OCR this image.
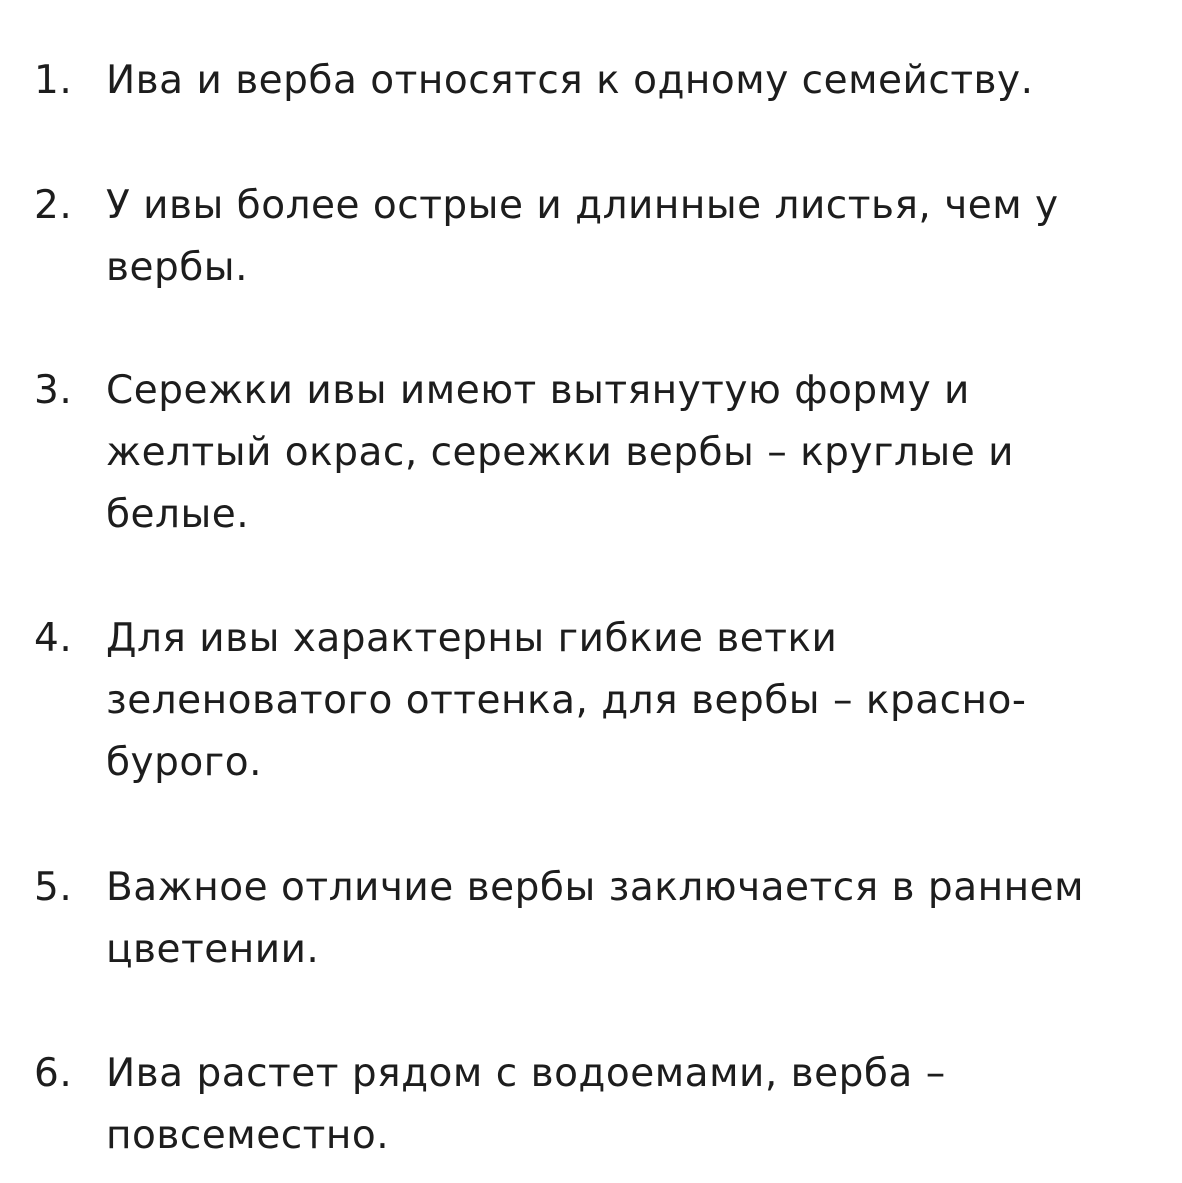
1. Ива и верба относятся к одному семейству.
2. У ивы более острые и длинные листья, чем у вербы.
3. Сережки ивы имеют вытянутую форму и желтый окрас, сережки вербы – круглые и белые.
4. Для ивы характерны гибкие ветки зеленоватого оттенка, для вербы – красно-бурого.
5. Важное отличие вербы заключается в раннем цветении.
6. Ива растет рядом с водоемами, верба – повсеместно.
